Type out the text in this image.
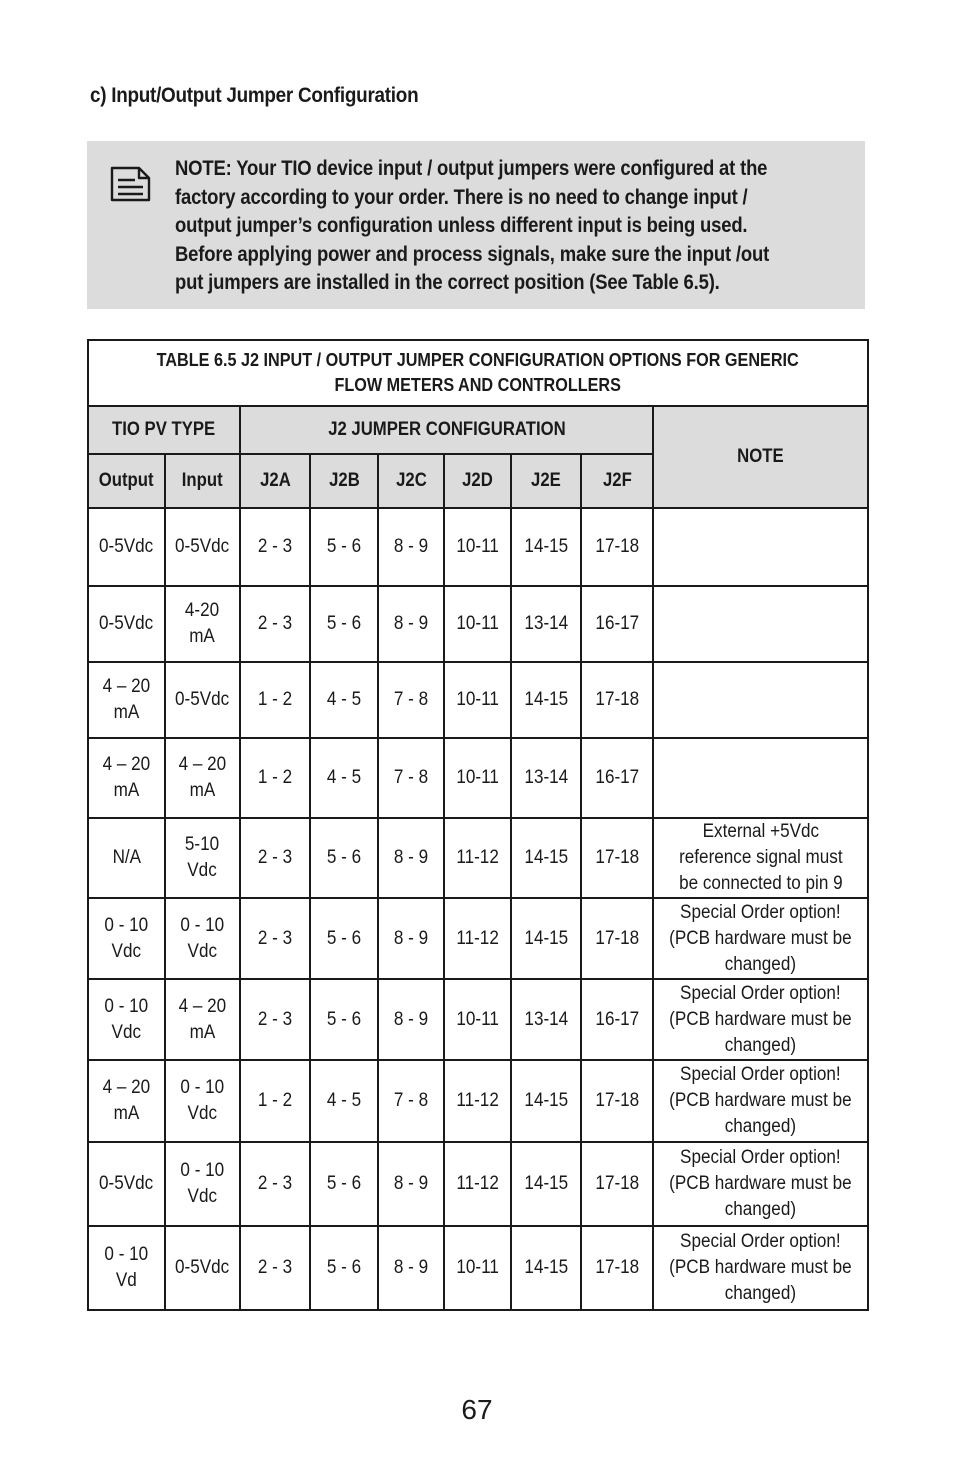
c) Input/Output Jumper Configuration
NOTE: Your TIO device input / output jumpers were configured at the
factory according to your order. There is no need to change input /
output jumper’s configuration unless different input is being used.
Before applying power and process signals, make sure the input /out
put jumpers are installed in the correct position (See Table 6.5).
TABLE 6.5 J2 INPUT / OUTPUT JUMPER CONFIGURATION OPTIONS FOR GENERIC
FLOW METERS AND CONTROLLERS								
TIO PV TYPE		J2 JUMPER CONFIGURATION						NOTE
Output	Input	J2A	J2B	J2C	J2D	J2E	J2F	
0-5Vdc	0-5Vdc	2 - 3	5 - 6	8 - 9	10-11	14-15	17-18	
0-5Vdc	4-20
mA	2 - 3	5 - 6	8 - 9	10-11	13-14	16-17	
4 – 20
mA	0-5Vdc	1 - 2	4 - 5	7 - 8	10-11	14-15	17-18	
4 – 20
mA	4 – 20
mA	1 - 2	4 - 5	7 - 8	10-11	13-14	16-17	
N/A	5-10
Vdc	2 - 3	5 - 6	8 - 9	11-12	14-15	17-18	External +5Vdc
reference signal must
be connected to pin 9
0 - 10
Vdc	0 - 10
Vdc	2 - 3	5 - 6	8 - 9	11-12	14-15	17-18	Special Order option!
(PCB hardware must be
changed)
0 - 10
Vdc	4 – 20
mA	2 - 3	5 - 6	8 - 9	10-11	13-14	16-17	Special Order option!
(PCB hardware must be
changed)
4 – 20
mA	0 - 10
Vdc	1 - 2	4 - 5	7 - 8	11-12	14-15	17-18	Special Order option!
(PCB hardware must be
changed)
0-5Vdc	0 - 10
Vdc	2 - 3	5 - 6	8 - 9	11-12	14-15	17-18	Special Order option!
(PCB hardware must be
changed)
0 - 10
Vd	0-5Vdc	2 - 3	5 - 6	8 - 9	10-11	14-15	17-18	Special Order option!
(PCB hardware must be
changed)
67
